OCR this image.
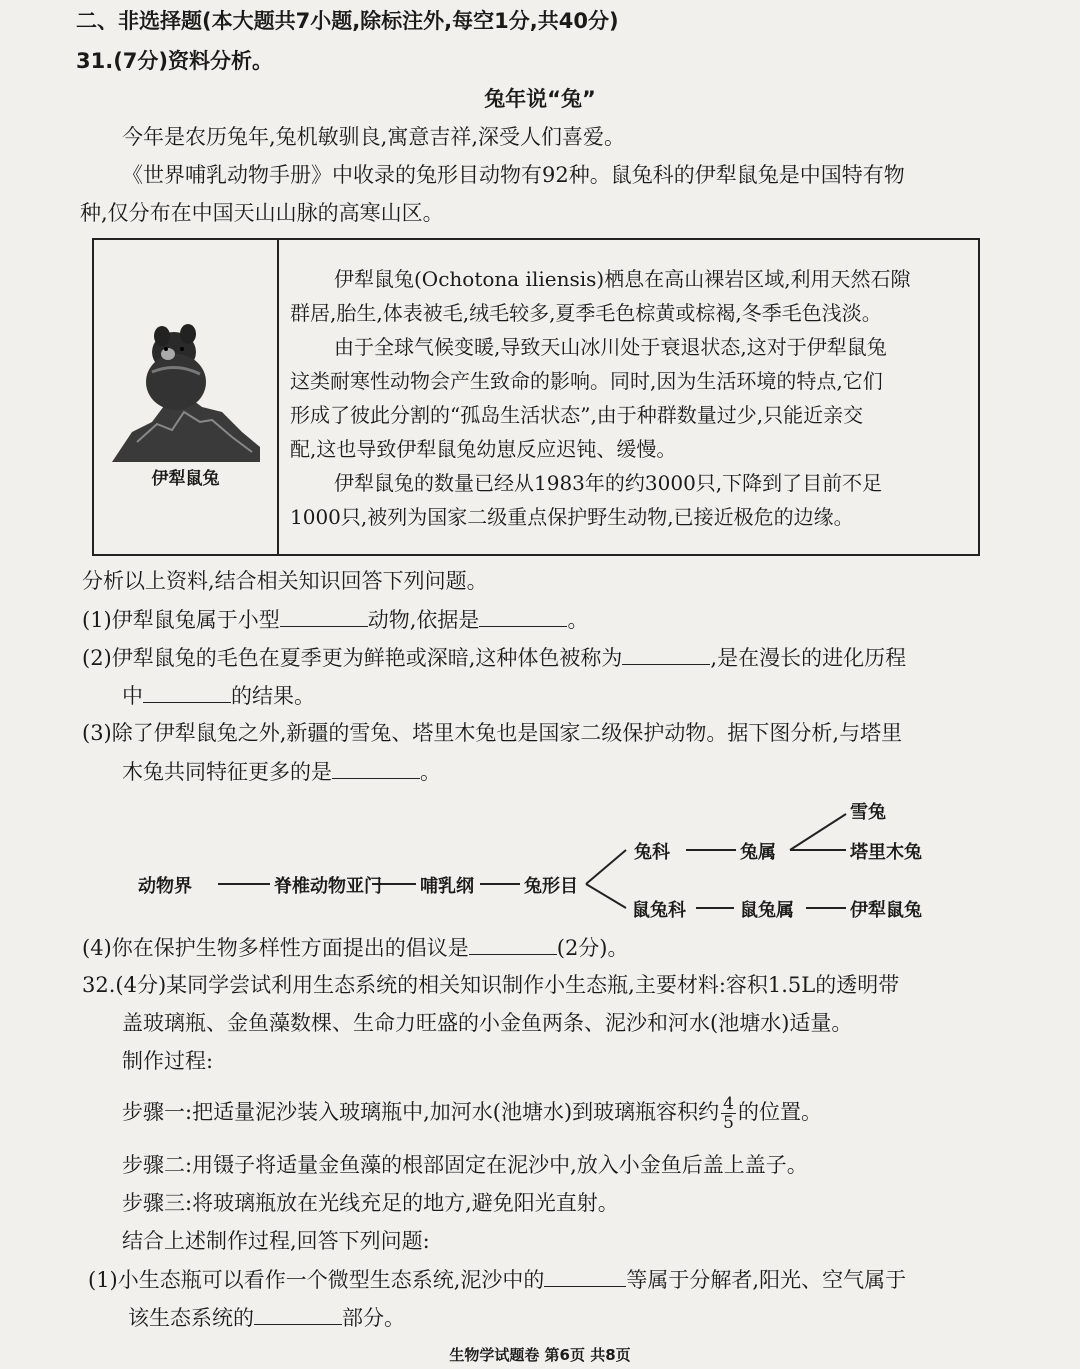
二、非选择题(本大题共7小题,除标注外,每空1分,共40分)
31.(7分)资料分析。
兔年说“兔”
今年是农历兔年,兔机敏驯良,寓意吉祥,深受人们喜爱。
《世界哺乳动物手册》中收录的兔形目动物有92种。鼠兔科的伊犁鼠兔是中国特有物
种,仅分布在中国天山山脉的高寒山区。
伊犁鼠兔
伊犁鼠兔(Ochotona iliensis)栖息在高山裸岩区域,利用天然石隙
群居,胎生,体表被毛,绒毛较多,夏季毛色棕黄或棕褐,冬季毛色浅淡。
由于全球气候变暖,导致天山冰川处于衰退状态,这对于伊犁鼠兔
这类耐寒性动物会产生致命的影响。同时,因为生活环境的特点,它们
形成了彼此分割的“孤岛生活状态”,由于种群数量过少,只能近亲交
配,这也导致伊犁鼠兔幼崽反应迟钝、缓慢。
伊犁鼠兔的数量已经从1983年的约3000只,下降到了目前不足
1000只,被列为国家二级重点保护野生动物,已接近极危的边缘。
分析以上资料,结合相关知识回答下列问题。
(1)伊犁鼠兔属于小型	动物,依据是	。
(2)伊犁鼠兔的毛色在夏季更为鲜艳或深暗,这种体色被称为	,是在漫长的进化历程
中	的结果。
(3)除了伊犁鼠兔之外,新疆的雪兔、塔里木兔也是国家二级保护动物。据下图分析,与塔里
木兔共同特征更多的是	。
动物界	脊椎动物亚门 哺乳纲	兔形目
兔科	兔属
雪兔
塔里木兔
鼠兔科	鼠兔属	伊犁鼠兔
(4)你在保护生物多样性方面提出的倡议是	(2分)。
32.(4分)某同学尝试利用生态系统的相关知识制作小生态瓶,主要材料:容积1.5L的透明带
盖玻璃瓶、金鱼藻数棵、生命力旺盛的小金鱼两条、泥沙和河水(池塘水)适量。
制作过程:
步骤一:把适量泥沙装入玻璃瓶中,加河水(池塘水)到玻璃瓶容积约 $\frac{4}{5}$ 的位置。
步骤二:用镊子将适量金鱼藻的根部固定在泥沙中,放入小金鱼后盖上盖子。
步骤三:将玻璃瓶放在光线充足的地方,避免阳光直射。
结合上述制作过程,回答下列问题:
(1)小生态瓶可以看作一个微型生态系统,泥沙中的	等属于分解者,阳光、空气属于
该生态系统的	部分。
生物学试题卷 第6页 共8页
